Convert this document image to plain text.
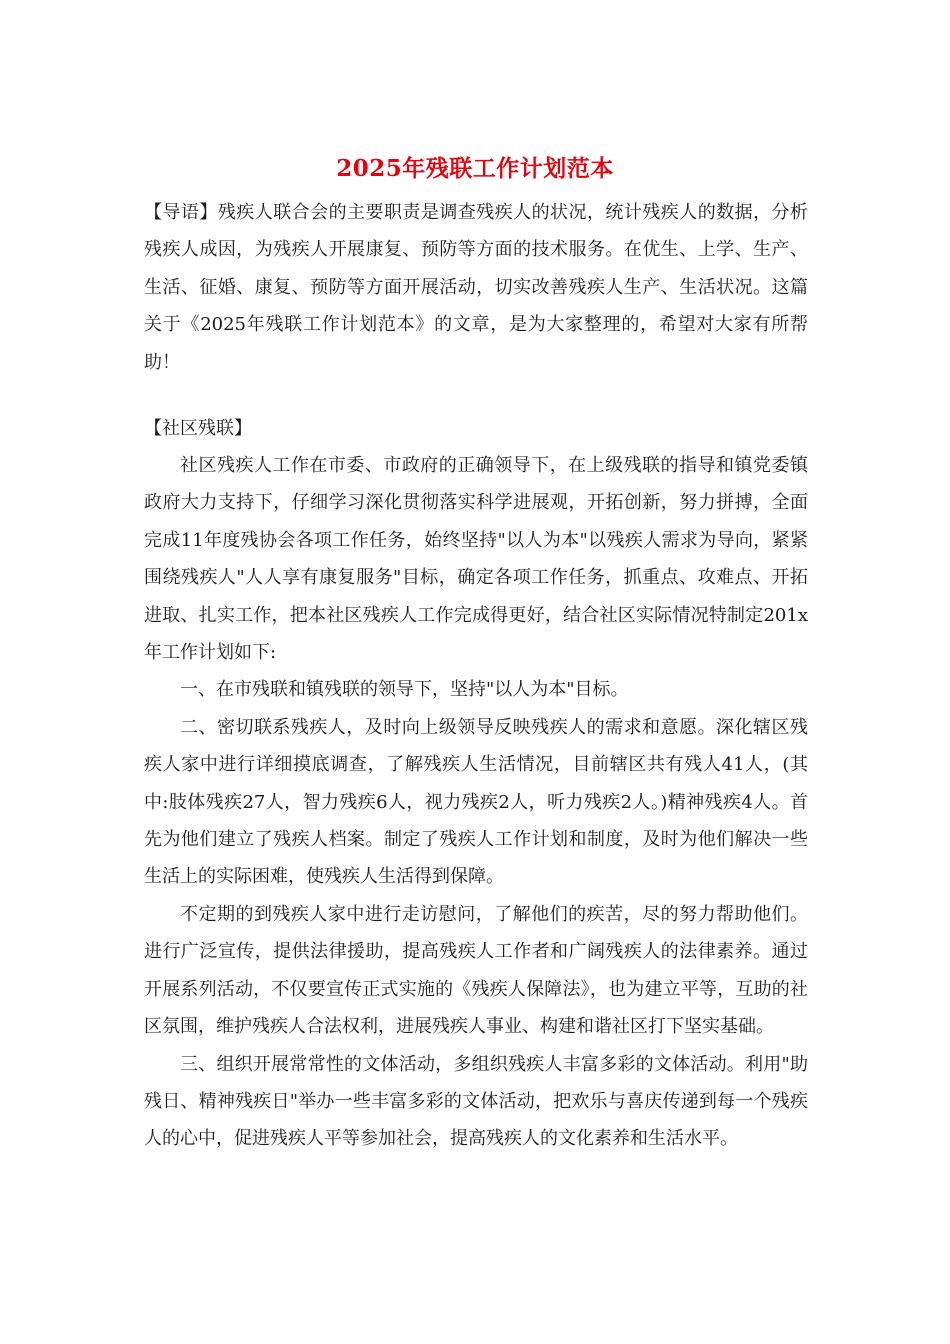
2025年残联工作计划范本
【导语】残疾人联合会的主要职责是调查残疾人的状况，统计残疾人的数据，分析残疾人成因，为残疾人开展康复、预防等方面的技术服务。在优生、上学、生产、生活、征婚、康复、预防等方面开展活动，切实改善残疾人生产、生活状况。这篇关于《2025年残联工作计划范本》的文章，是为大家整理的，希望对大家有所帮助！
【社区残联】

社区残疾人工作在市委、市政府的正确领导下，在上级残联的指导和镇党委镇政府大力支持下，仔细学习深化贯彻落实科学进展观，开拓创新，努力拼搏，全面完成11年度残协会各项工作任务，始终坚持"以人为本"以残疾人需求为导向，紧紧围绕残疾人"人人享有康复服务"目标，确定各项工作任务，抓重点、攻难点、开拓进取、扎实工作，把本社区残疾人工作完成得更好，结合社区实际情况特制定201x年工作计划如下:

一、在市残联和镇残联的领导下，坚持"以人为本"目标。

二、密切联系残疾人，及时向上级领导反映残疾人的需求和意愿。深化辖区残疾人家中进行详细摸底调查，了解残疾人生活情况，目前辖区共有残人41人，(其中:肢体残疾27人，智力残疾6人，视力残疾2人，听力残疾2人。)精神残疾4人。首先为他们建立了残疾人档案。制定了残疾人工作计划和制度，及时为他们解决一些生活上的实际困难，使残疾人生活得到保障。

不定期的到残疾人家中进行走访慰问，了解他们的疾苦，尽的努力帮助他们。进行广泛宣传，提供法律援助，提高残疾人工作者和广阔残疾人的法律素养。通过开展系列活动，不仅要宣传正式实施的《残疾人保障法》，也为建立平等，互助的社区氛围，维护残疾人合法权利，进展残疾人事业、构建和谐社区打下坚实基础。

三、组织开展常常性的文体活动，多组织残疾人丰富多彩的文体活动。利用"助残日、精神残疾日"举办一些丰富多彩的文体活动，把欢乐与喜庆传递到每一个残疾人的心中，促进残疾人平等参加社会，提高残疾人的文化素养和生活水平。
